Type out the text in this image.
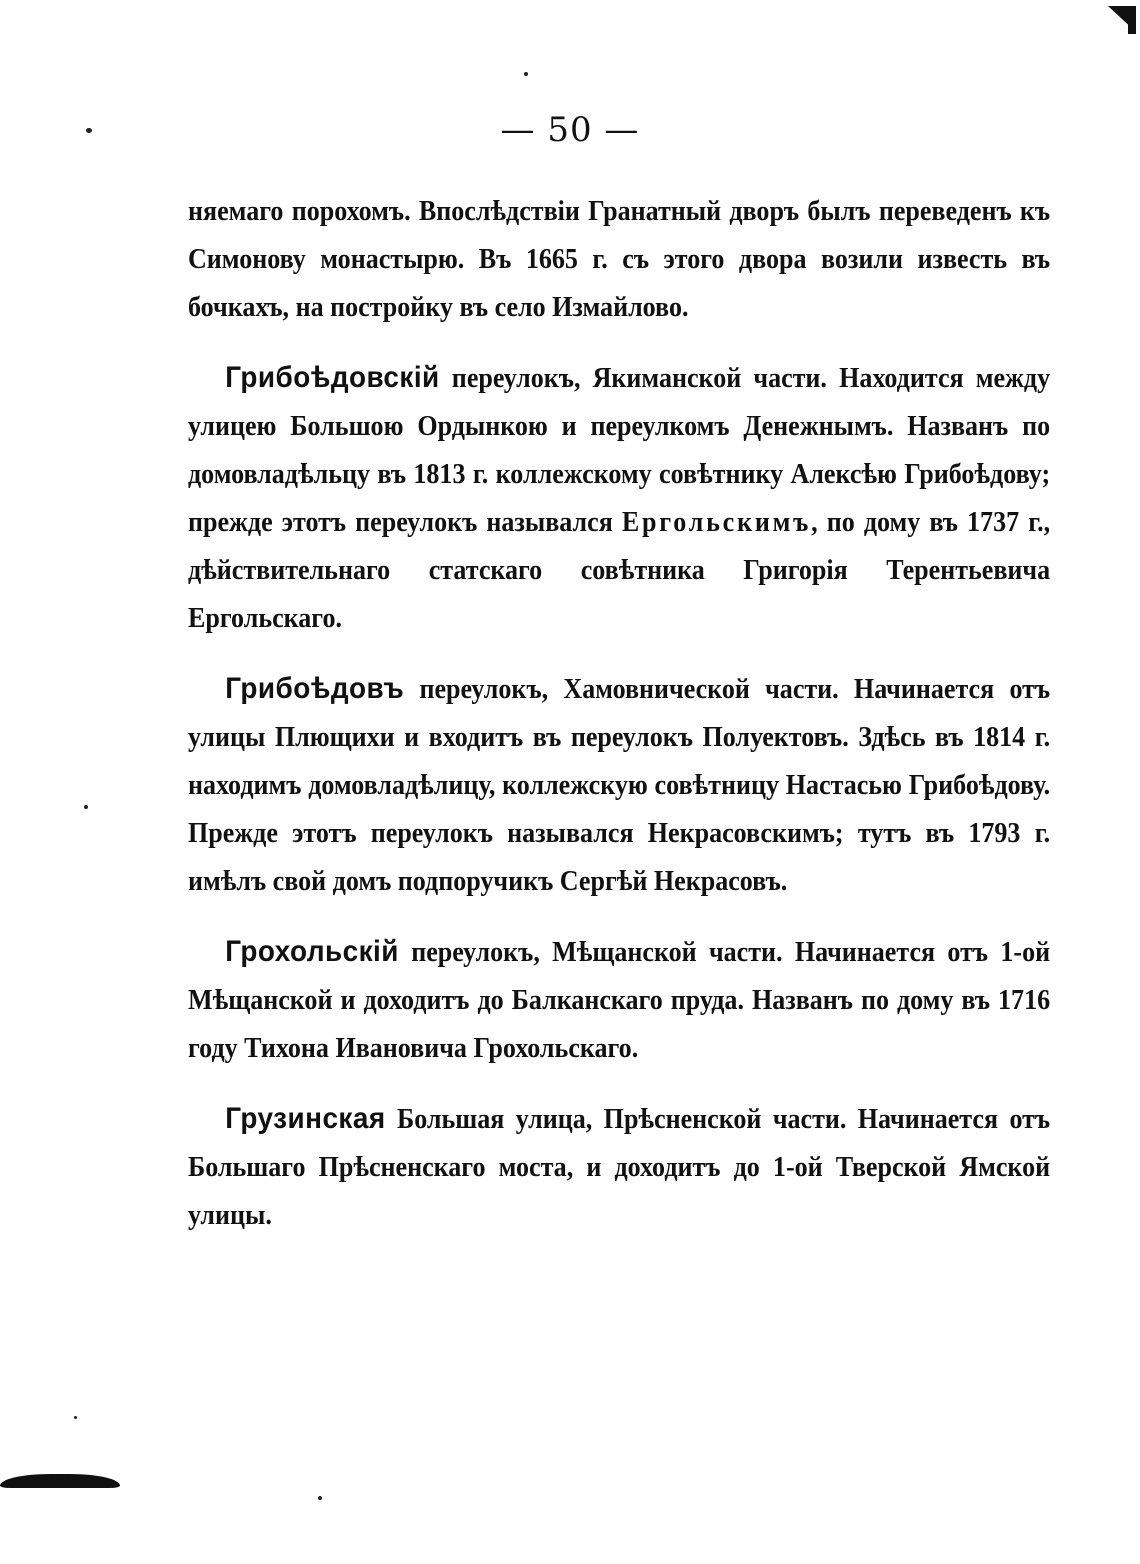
— 50 —

няемаго порохомъ. Впослѣдствіи Гранатный дворъ былъ переведенъ къ Симонову монастырю. Въ 1665 г. съ этого двора возили известь въ бочкахъ, на постройку въ село Измайлово.

Грибоѣдовскій переулокъ, Якиманской части. Находится между улицею Большою Ордынкою и переулкомъ Денежнымъ. Названъ по домовладѣльцу въ 1813 г. коллежскому совѣтнику Алексѣю Грибоѣдову; прежде этотъ переулокъ назывался Ергольскимъ, по дому въ 1737 г., дѣйствительнаго статскаго совѣтника Григорія Терентьевича Ергольскаго.

Грибоѣдовъ переулокъ, Хамовнической части. Начинается отъ улицы Плющихи и входитъ въ переулокъ Полуектовъ. Здѣсь въ 1814 г. находимъ домовладѣлицу, коллежскую совѣтницу Настасью Грибоѣдову. Прежде этотъ переулокъ назывался Некрасовскимъ; тутъ въ 1793 г. имѣлъ свой домъ подпоручикъ Сергѣй Некрасовъ.

Грохольскій переулокъ, Мѣщанской части. Начинается отъ 1-ой Мѣщанской и доходитъ до Балканскаго пруда. Названъ по дому въ 1716 году Тихона Ивановича Грохольскаго.

Грузинская Большая улица, Прѣсненской части. Начинается отъ Большаго Прѣсненскаго моста, и доходитъ до 1-ой Тверской Ямской улицы.
